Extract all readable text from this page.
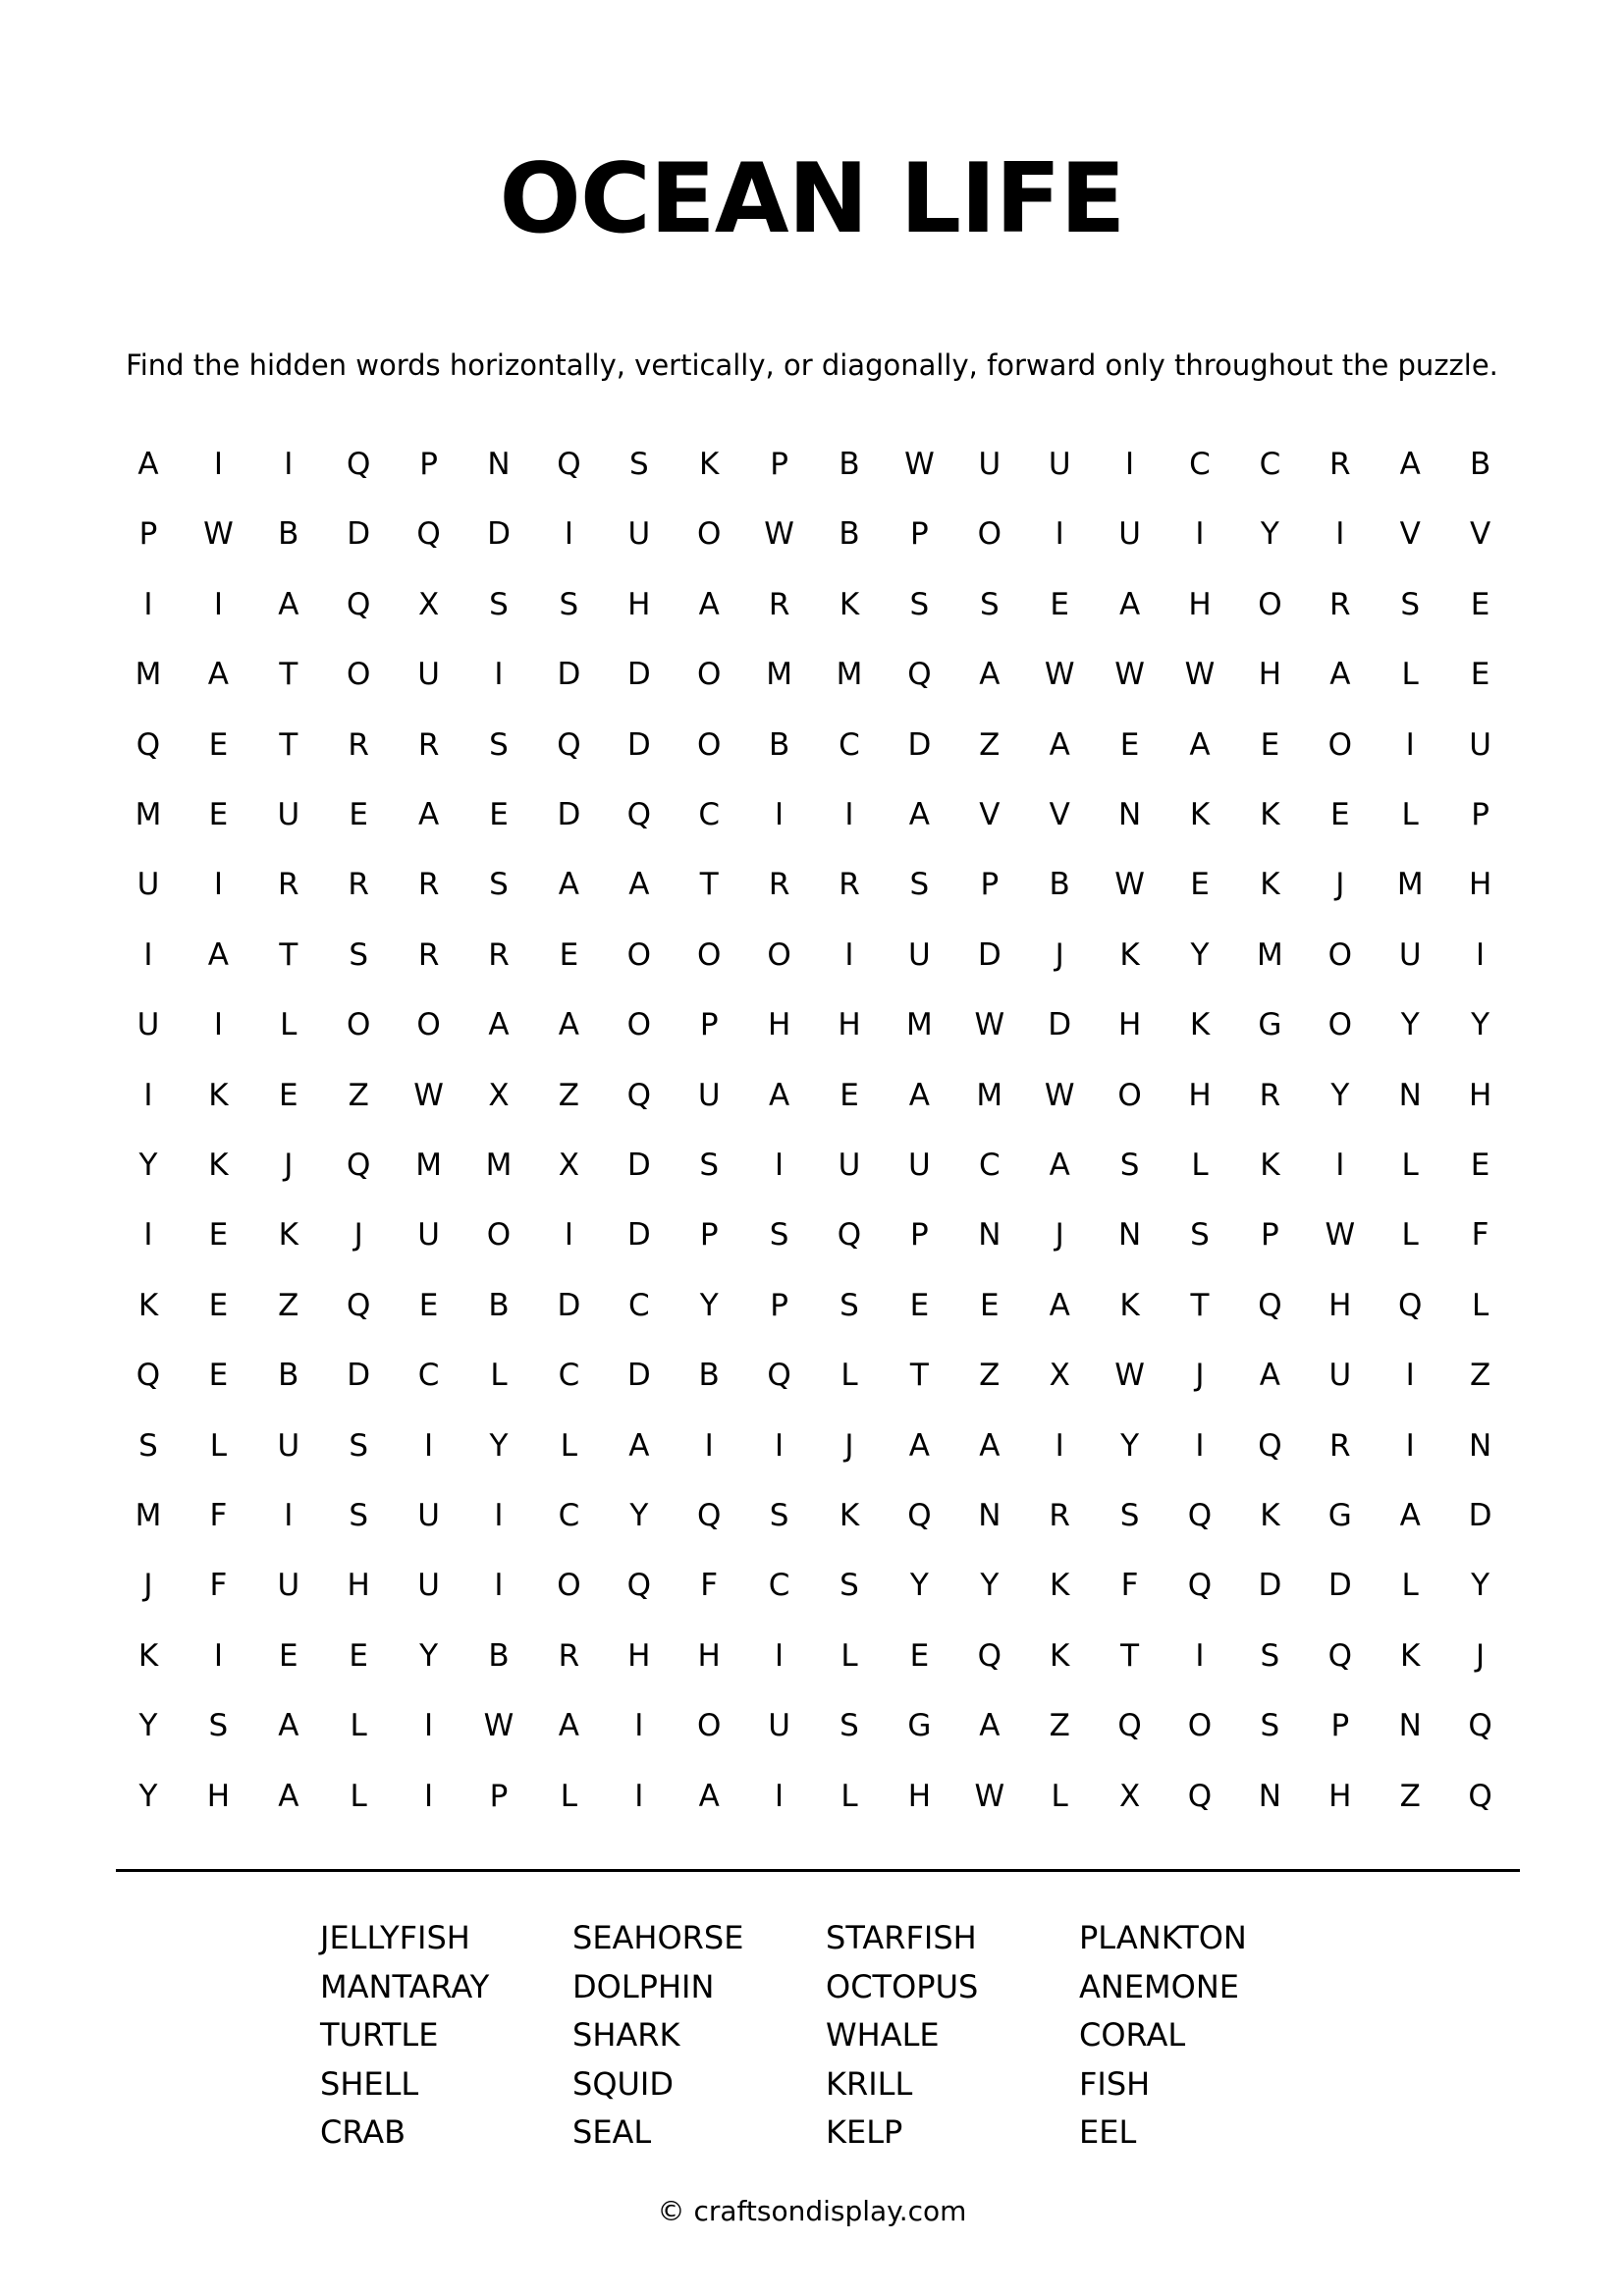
OCEAN LIFE
Find the hidden words horizontally, vertically, or diagonally, forward only throughout the puzzle.
A	I	I	Q	P	N	Q	S	K	P	B	W	U	U	I	C	C	R	A	B
P	W	B	D	Q	D	I	U	O	W	B	P	O	I	U	I	Y	I	V	V
I	I	A	Q	X	S	S	H	A	R	K	S	S	E	A	H	O	R	S	E
M	A	T	O	U	I	D	D	O	M	M	Q	A	W	W	W	H	A	L	E
Q	E	T	R	R	S	Q	D	O	B	C	D	Z	A	E	A	E	O	I	U
M	E	U	E	A	E	D	Q	C	I	I	A	V	V	N	K	K	E	L	P
U	I	R	R	R	S	A	A	T	R	R	S	P	B	W	E	K	J	M	H
I	A	T	S	R	R	E	O	O	O	I	U	D	J	K	Y	M	O	U	I
U	I	L	O	O	A	A	O	P	H	H	M	W	D	H	K	G	O	Y	Y
I	K	E	Z	W	X	Z	Q	U	A	E	A	M	W	O	H	R	Y	N	H
Y	K	J	Q	M	M	X	D	S	I	U	U	C	A	S	L	K	I	L	E
I	E	K	J	U	O	I	D	P	S	Q	P	N	J	N	S	P	W	L	F
K	E	Z	Q	E	B	D	C	Y	P	S	E	E	A	K	T	Q	H	Q	L
Q	E	B	D	C	L	C	D	B	Q	L	T	Z	X	W	J	A	U	I	Z
S	L	U	S	I	Y	L	A	I	I	J	A	A	I	Y	I	Q	R	I	N
M	F	I	S	U	I	C	Y	Q	S	K	Q	N	R	S	Q	K	G	A	D
J	F	U	H	U	I	O	Q	F	C	S	Y	Y	K	F	Q	D	D	L	Y
K	I	E	E	Y	B	R	H	H	I	L	E	Q	K	T	I	S	Q	K	J
Y	S	A	L	I	W	A	I	O	U	S	G	A	Z	Q	O	S	P	N	Q
Y	H	A	L	I	P	L	I	A	I	L	H	W	L	X	Q	N	H	Z	Q
JELLYFISH
MANTARAY
TURTLE
SHELL
CRAB
SEAHORSE
DOLPHIN
SHARK
SQUID
SEAL
STARFISH
OCTOPUS
WHALE
KRILL
KELP
PLANKTON
ANEMONE
CORAL
FISH
EEL
© craftsondisplay.com
